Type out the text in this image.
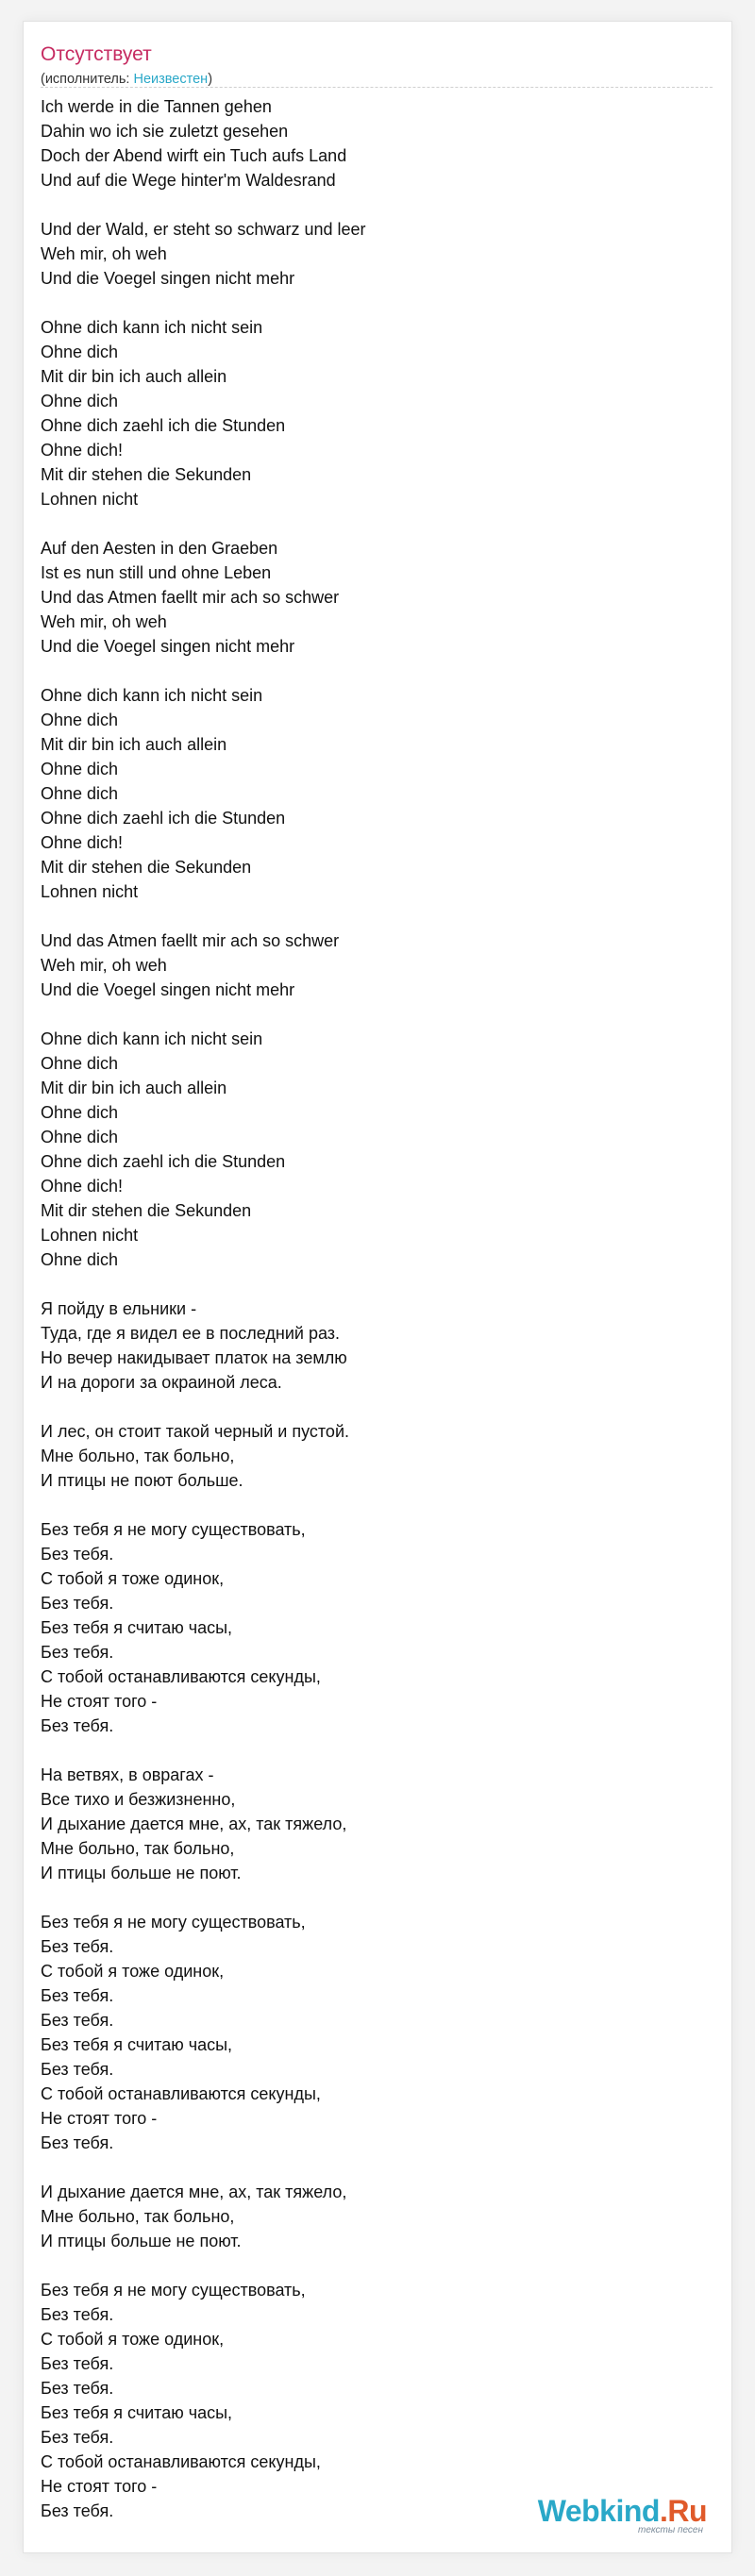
Отсутствует
(исполнитель: Неизвестен)
Ich werde in die Tannen gehen
Dahin wo ich sie zuletzt gesehen
Doch der Abend wirft ein Tuch aufs Land
Und auf die Wege hinter'm Waldesrand
Und der Wald, er steht so schwarz und leer
Weh mir, oh weh
Und die Voegel singen nicht mehr
Ohne dich kann ich nicht sein
Ohne dich
Mit dir bin ich auch allein
Ohne dich
Ohne dich zaehl ich die Stunden
Ohne dich!
Mit dir stehen die Sekunden
Lohnen nicht
Auf den Aesten in den Graeben
Ist es nun still und ohne Leben
Und das Atmen faellt mir ach so schwer
Weh mir, oh weh
Und die Voegel singen nicht mehr
Ohne dich kann ich nicht sein
Ohne dich
Mit dir bin ich auch allein
Ohne dich
Ohne dich
Ohne dich zaehl ich die Stunden
Ohne dich!
Mit dir stehen die Sekunden
Lohnen nicht
Und das Atmen faellt mir ach so schwer
Weh mir, oh weh
Und die Voegel singen nicht mehr
Ohne dich kann ich nicht sein
Ohne dich
Mit dir bin ich auch allein
Ohne dich
Ohne dich
Ohne dich zaehl ich die Stunden
Ohne dich!
Mit dir stehen die Sekunden
Lohnen nicht
Ohne dich
Я пойду в ельники -
Туда, где я видел ее в последний раз.
Но вечер накидывает платок на землю
И на дороги за окраиной леса.
И лес, он стоит такой черный и пустой.
Мне больно, так больно,
И птицы не поют больше.
Без тебя я не могу существовать,
Без тебя.
С тобой я тоже одинок,
Без тебя.
Без тебя я считаю часы,
Без тебя.
С тобой останавливаются секунды,
Не стоят того -
Без тебя.
На ветвях, в оврагах -
Все тихо и безжизненно,
И дыхание дается мне, ах, так тяжело,
Мне больно, так больно,
И птицы больше не поют.
Без тебя я не могу существовать,
Без тебя.
С тобой я тоже одинок,
Без тебя.
Без тебя.
Без тебя я считаю часы,
Без тебя.
С тобой останавливаются секунды,
Не стоят того -
Без тебя.
И дыхание дается мне, ах, так тяжело,
Мне больно, так больно,
И птицы больше не поют.
Без тебя я не могу существовать,
Без тебя.
С тобой я тоже одинок,
Без тебя.
Без тебя.
Без тебя я считаю часы,
Без тебя.
С тобой останавливаются секунды,
Не стоят того -
Без тебя.	Webkind.Ru
тексты песен
